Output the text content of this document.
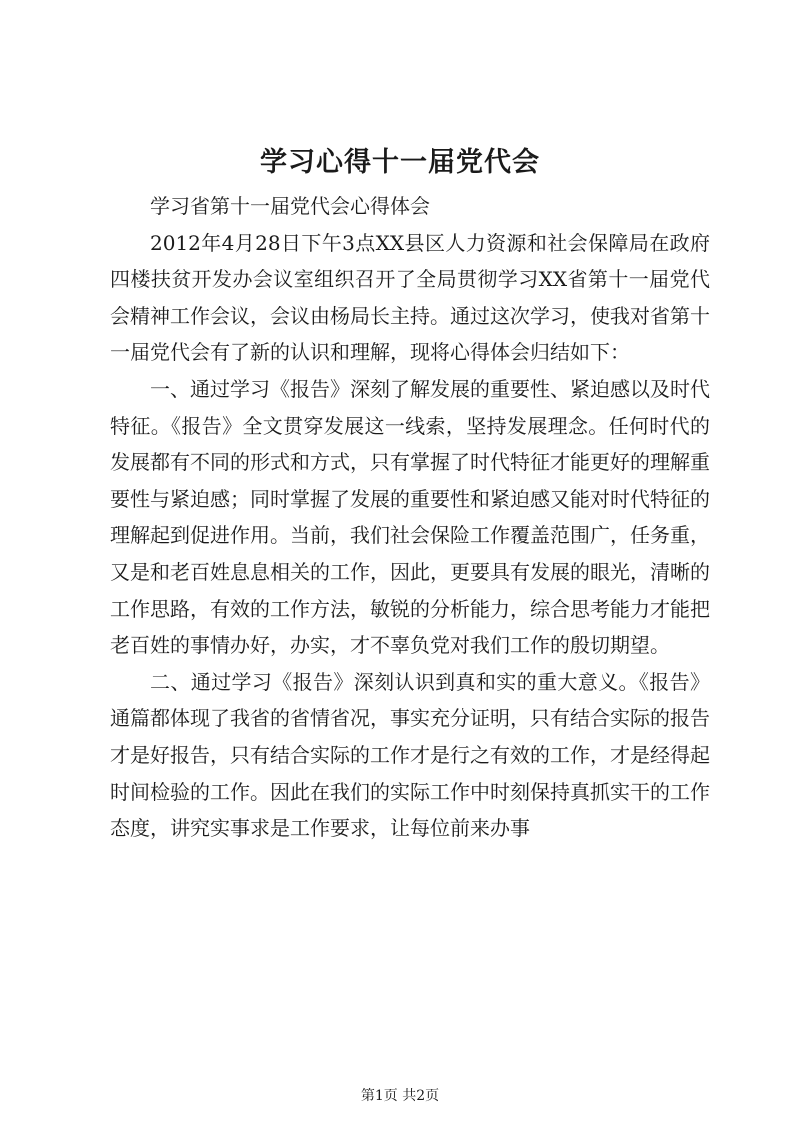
学习心得十一届党代会

学习省第十一届党代会心得体会

2012年4月28日下午3点XX县区人力资源和社会保障局在政府四楼扶贫开发办会议室组织召开了全局贯彻学习XX省第十一届党代会精神工作会议，会议由杨局长主持。通过这次学习，使我对省第十一届党代会有了新的认识和理解，现将心得体会归结如下：

一、通过学习《报告》深刻了解发展的重要性、紧迫感以及时代特征。《报告》全文贯穿发展这一线索，坚持发展理念。任何时代的发展都有不同的形式和方式，只有掌握了时代特征才能更好的理解重要性与紧迫感；同时掌握了发展的重要性和紧迫感又能对时代特征的理解起到促进作用。当前，我们社会保险工作覆盖范围广，任务重，又是和老百姓息息相关的工作，因此，更要具有发展的眼光，清晰的工作思路，有效的工作方法，敏锐的分析能力，综合思考能力才能把老百姓的事情办好，办实，才不辜负党对我们工作的殷切期望。

二、通过学习《报告》深刻认识到真和实的重大意义。《报告》通篇都体现了我省的省情省况，事实充分证明，只有结合实际的报告才是好报告，只有结合实际的工作才是行之有效的工作，才是经得起时间检验的工作。因此在我们的实际工作中时刻保持真抓实干的工作态度，讲究实事求是工作要求，让每位前来办事

第1页 共2页
